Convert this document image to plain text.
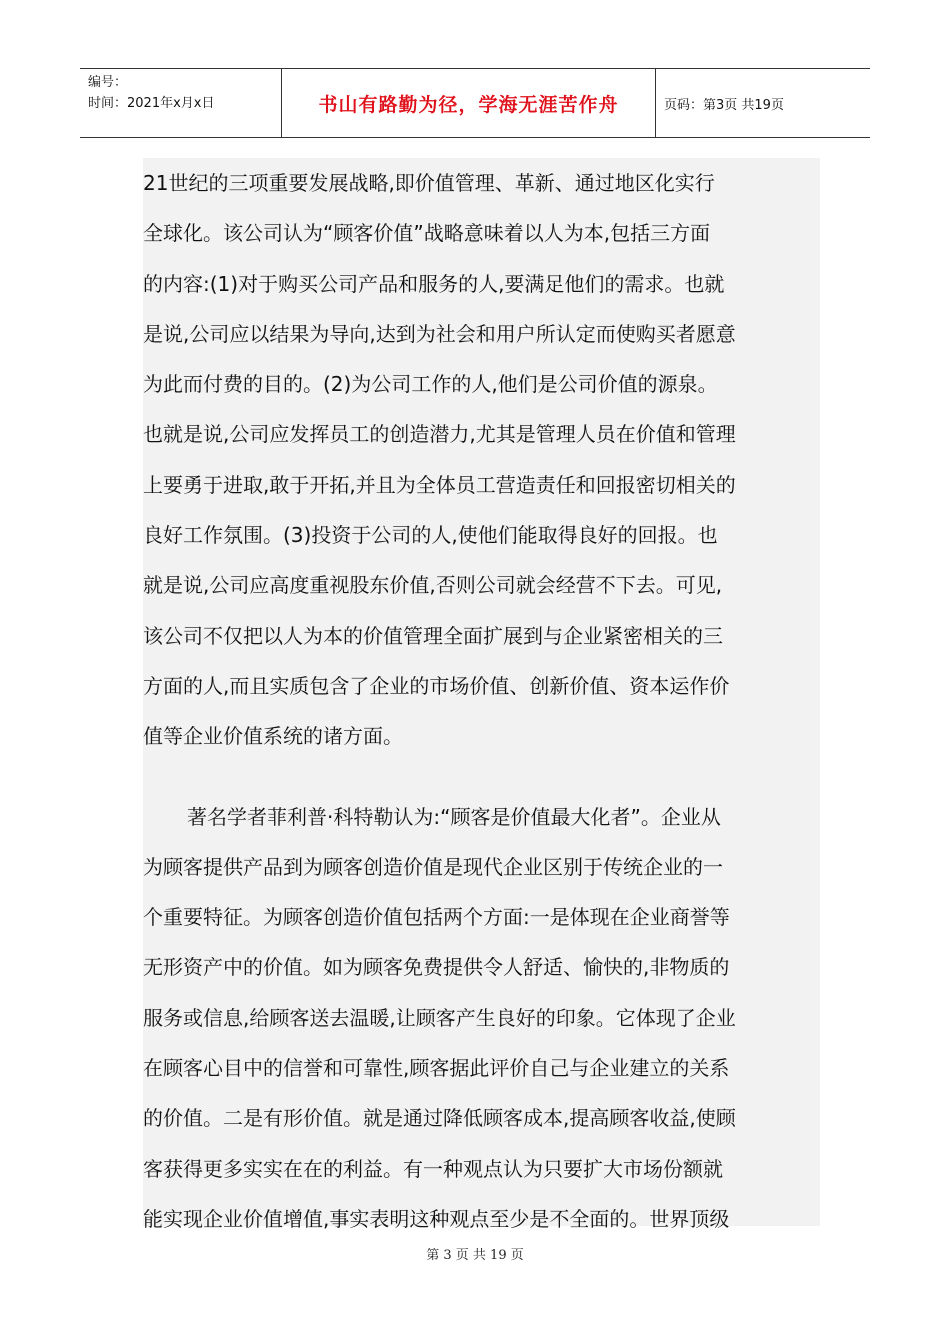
编号：
时间：2021年x月x日	书山有路勤为径，学海无涯苦作舟	页码：第3页 共19页

21世纪的三项重要发展战略,即价值管理、革新、通过地区化实行
全球化。该公司认为“顾客价值”战略意味着以人为本,包括三方面
的内容:(1)对于购买公司产品和服务的人,要满足他们的需求。也就
是说,公司应以结果为导向,达到为社会和用户所认定而使购买者愿意
为此而付费的目的。(2)为公司工作的人,他们是公司价值的源泉。
也就是说,公司应发挥员工的创造潜力,尤其是管理人员在价值和管理
上要勇于进取,敢于开拓,并且为全体员工营造责任和回报密切相关的
良好工作氛围。(3)投资于公司的人,使他们能取得良好的回报。也
就是说,公司应高度重视股东价值,否则公司就会经营不下去。可见,
该公司不仅把以人为本的价值管理全面扩展到与企业紧密相关的三
方面的人,而且实质包含了企业的市场价值、创新价值、资本运作价
值等企业价值系统的诸方面。

著名学者菲利普·科特勒认为:“顾客是价值最大化者”。企业从
为顾客提供产品到为顾客创造价值是现代企业区别于传统企业的一
个重要特征。为顾客创造价值包括两个方面:一是体现在企业商誉等
无形资产中的价值。如为顾客免费提供令人舒适、愉快的,非物质的
服务或信息,给顾客送去温暖,让顾客产生良好的印象。它体现了企业
在顾客心目中的信誉和可靠性,顾客据此评价自己与企业建立的关系
的价值。二是有形价值。就是通过降低顾客成本,提高顾客收益,使顾
客获得更多实实在在的利益。有一种观点认为只要扩大市场份额就
能实现企业价值增值,事实表明这种观点至少是不全面的。世界顶级

第 3 页 共 19 页
